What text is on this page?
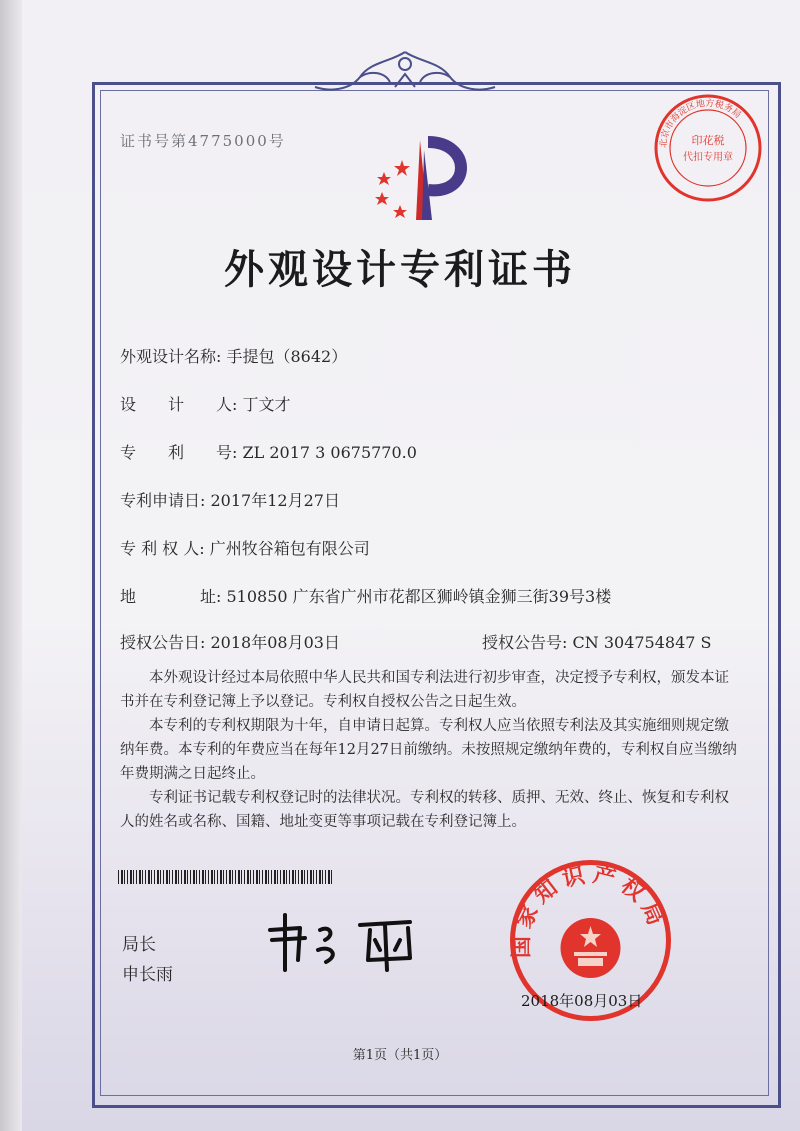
证书号第4775000号	北京市海淀区地方税务局
印花税
代扣专用章
外观设计专利证书
外观设计名称: 手提包（8642）
设　　计　　人: 丁文才
专　　利　　号: ZL 2017 3 0675770.0
专利申请日: 2017年12月27日
专 利 权 人: 广州牧谷箱包有限公司
地　　　　址: 510850 广东省广州市花都区狮岭镇金狮三街39号3楼
授权公告日: 2018年08月03日	授权公告号: CN 304754847 S
本外观设计经过本局依照中华人民共和国专利法进行初步审查，决定授予专利权，颁发本证书并在专利登记簿上予以登记。专利权自授权公告之日起生效。
本专利的专利权期限为十年，自申请日起算。专利权人应当依照专利法及其实施细则规定缴纳年费。本专利的年费应当在每年12月27日前缴纳。未按照规定缴纳年费的，专利权自应当缴纳年费期满之日起终止。
专利证书记载专利权登记时的法律状况。专利权的转移、质押、无效、终止、恢复和专利权人的姓名或名称、国籍、地址变更等事项记载在专利登记簿上。
局长
申长雨
国家知识产权局
2018年08月03日
第1页（共1页）
